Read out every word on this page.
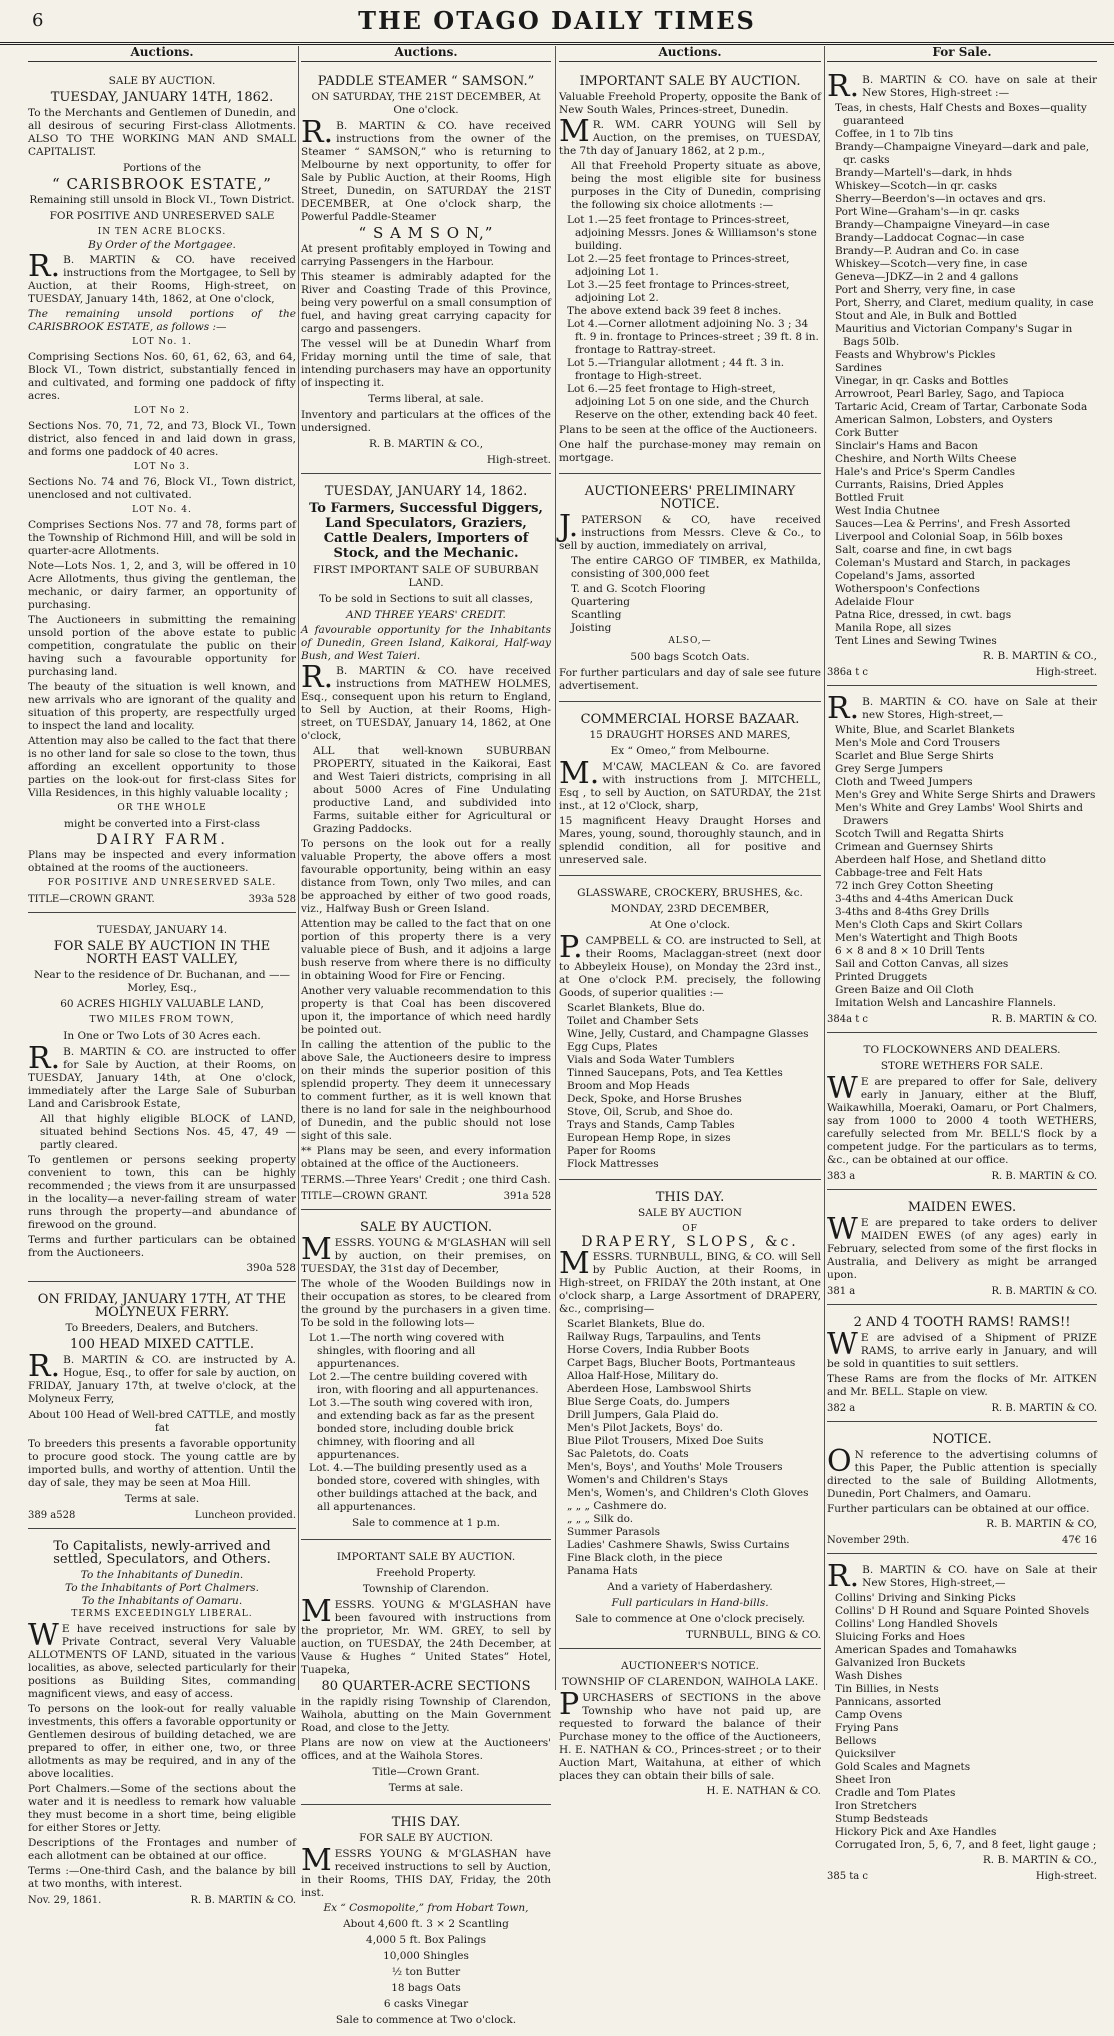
6	THE OTAGO DAILY TIMES
Auctions.
SALE BY AUCTION.
TUESDAY, JANUARY 14TH, 1862.

To the Merchants and Gentlemen of Dunedin, and all desirous of securing First-class Allotments. ALSO TO THE WORKING MAN AND SMALL CAPITALIST.

Portions of the
“ CARISBROOK ESTATE,”
Remaining still unsold in Block VI., Town District.
FOR POSITIVE AND UNRESERVED SALE
IN TEN ACRE BLOCKS.
By Order of the Mortgagee.

R.B. MARTIN & CO. have received instructions from the Mortgagee, to Sell by Auction, at their Rooms, High-street, on TUESDAY, January 14th, 1862, at One o'clock,

The remaining unsold portions of the CARISBROOK ESTATE, as follows :—

LOT No. 1.

Comprising Sections Nos. 60, 61, 62, 63, and 64, Block VI., Town district, substantially fenced in and cultivated, and forming one paddock of fifty acres.

LOT No 2.

Sections Nos. 70, 71, 72, and 73, Block VI., Town district, also fenced in and laid down in grass, and forms one paddock of 40 acres.

LOT No 3.

Sections No. 74 and 76, Block VI., Town district, unenclosed and not cultivated.

LOT No. 4.

Comprises Sections Nos. 77 and 78, forms part of the Township of Richmond Hill, and will be sold in quarter-acre Allotments.

Note—Lots Nos. 1, 2, and 3, will be offered in 10 Acre Allotments, thus giving the gentleman, the mechanic, or dairy farmer, an opportunity of purchasing.

The Auctioneers in submitting the remaining unsold portion of the above estate to public competition, congratulate the public on their having such a favourable opportunity for purchasing land.

The beauty of the situation is well known, and new arrivals who are ignorant of the quality and situation of this property, are respectfully urged to inspect the land and locality.

Attention may also be called to the fact that there is no other land for sale so close to the town, thus affording an excellent opportunity to those parties on the look-out for first-class Sites for Villa Residences, in this highly valuable locality ;

OR THE WHOLE
might be converted into a First-class
DAIRY FARM.

Plans may be inspected and every information obtained at the rooms of the auctioneers.

FOR POSITIVE AND UNRESERVED SALE.
TITLE—CROWN GRANT.	393a 528
TUESDAY, JANUARY 14.
FOR SALE BY AUCTION IN THE NORTH EAST VALLEY,
Near to the residence of Dr. Buchanan, and —— Morley, Esq.,
60 ACRES HIGHLY VALUABLE LAND,
TWO MILES FROM TOWN,
In One or Two Lots of 30 Acres each.

R.B. MARTIN & CO. are instructed to offer for Sale by Auction, at their Rooms, on TUESDAY, January 14th, at One o'clock, immediately after the Large Sale of Suburban Land and Carisbrook Estate,

All that highly eligible BLOCK of LAND, situated behind Sections Nos. 45, 47, 49 —partly cleared.

To gentlemen or persons seeking property convenient to town, this can be highly recommended ; the views from it are unsurpassed in the locality—a never-failing stream of water runs through the property—and abundance of firewood on the ground.

Terms and further particulars can be obtained from the Auctioneers.

390a 528
ON FRIDAY, JANUARY 17TH, AT THE MOLYNEUX FERRY.
To Breeders, Dealers, and Butchers.
100 HEAD MIXED CATTLE.

R.B. MARTIN & CO. are instructed by A. Hogue, Esq., to offer for sale by auction, on FRIDAY, January 17th, at twelve o'clock, at the Molyneux Ferry,

About 100 Head of Well-bred CATTLE, and mostly fat

To breeders this presents a favorable opportunity to procure good stock. The young cattle are by imported bulls, and worthy of attention. Until the day of sale, they may be seen at Moa Hill.

Terms at sale.
389 a528	Luncheon provided.
To Capitalists, newly-arrived and settled, Speculators, and Others.
To the Inhabitants of Dunedin.
To the Inhabitants of Port Chalmers.
To the Inhabitants of Oamaru.
TERMS EXCEEDINGLY LIBERAL.

WE have received instructions for sale by Private Contract, several Very Valuable ALLOTMENTS OF LAND, situated in the various localities, as above, selected particularly for their positions as Building Sites, commanding magnificent views, and easy of access.

To persons on the look-out for really valuable investments, this offers a favorable opportunity or Gentlemen desirous of building detached, we are prepared to offer, in either one, two, or three allotments as may be required, and in any of the above localities.

Port Chalmers.—Some of the sections about the water and it is needless to remark how valuable they must become in a short time, being eligible for either Stores or Jetty.

Descriptions of the Frontages and number of each allotment can be obtained at our office.

Terms :—One-third Cash, and the balance by bill at two months, with interest.

Nov. 29, 1861.	R. B. MARTIN & CO.
Auctions.
PADDLE STEAMER “ SAMSON.”
ON SATURDAY, THE 21ST DECEMBER, At One o'clock.

R.B. MARTIN & CO. have received instructions from the owner of the Steamer “ SAMSON,” who is returning to Melbourne by next opportunity, to offer for Sale by Public Auction, at their Rooms, High Street, Dunedin, on SATURDAY the 21ST DECEMBER, at One o'clock sharp, the Powerful Paddle-Steamer

“ S A M S O N,”

At present profitably employed in Towing and carrying Passengers in the Harbour.

This steamer is admirably adapted for the River and Coasting Trade of this Province, being very powerful on a small consumption of fuel, and having great carrying capacity for cargo and passengers.

The vessel will be at Dunedin Wharf from Friday morning until the time of sale, that intending purchasers may have an opportunity of inspecting it.

Terms liberal, at sale.

Inventory and particulars at the offices of the undersigned.

R. B. MARTIN & CO.,
High-street.
TUESDAY, JANUARY 14, 1862.
To Farmers, Successful Diggers, Land Speculators, Graziers, Cattle Dealers, Importers of Stock, and the Mechanic.
FIRST IMPORTANT SALE OF SUBURBAN LAND.
To be sold in Sections to suit all classes,
AND THREE YEARS' CREDIT.

A favourable opportunity for the Inhabitants of Dunedin, Green Island, Kaikorai, Half-way Bush, and West Taieri.

R.B. MARTIN & CO. have received instructions from MATHEW HOLMES, Esq., consequent upon his return to England, to Sell by Auction, at their Rooms, High-street, on TUESDAY, January 14, 1862, at One o'clock,

ALL that well-known SUBURBAN PROPERTY, situated in the Kaikorai, East and West Taieri districts, comprising in all about 5000 Acres of Fine Undulating productive Land, and subdivided into Farms, suitable either for Agricultural or Grazing Paddocks.

To persons on the look out for a really valuable Property, the above offers a most favourable opportunity, being within an easy distance from Town, only Two miles, and can be approached by either of two good roads, viz., Halfway Bush or Green Island.

Attention may be called to the fact that on one portion of this property there is a very valuable piece of Bush, and it adjoins a large bush reserve from where there is no difficulty in obtaining Wood for Fire or Fencing.

Another very valuable recommendation to this property is that Coal has been discovered upon it, the importance of which need hardly be pointed out.

In calling the attention of the public to the above Sale, the Auctioneers desire to impress on their minds the superior position of this splendid property. They deem it unnecessary to comment further, as it is well known that there is no land for sale in the neighbourhood of Dunedin, and the public should not lose sight of this sale.

** Plans may be seen, and every information obtained at the office of the Auctioneers.

TERMS.—Three Years' Credit ; one third Cash.
TITLE—CROWN GRANT.	391a 528
SALE BY AUCTION.

MESSRS. YOUNG & M'GLASHAN will sell by auction, on their premises, on TUESDAY, the 31st day of December,

The whole of the Wooden Buildings now in their occupation as stores, to be cleared from the ground by the purchasers in a given time. To be sold in the following lots—

Lot 1.—The north wing covered with shingles, with flooring and all appurtenances.
Lot 2.—The centre building covered with iron, with flooring and all appurtenances.
Lot 3.—The south wing covered with iron, and extending back as far as the present bonded store, including double brick chimney, with flooring and all appurtenances.
Lot. 4.—The building presently used as a bonded store, covered with shingles, with other buildings attached at the back, and all appurtenances.
Sale to commence at 1 p.m.
IMPORTANT SALE BY AUCTION.
Freehold Property.
Township of Clarendon.

MESSRS. YOUNG & M'GLASHAN have been favoured with instructions from the proprietor, Mr. WM. GREY, to sell by auction, on TUESDAY, the 24th December, at Vause & Hughes “ United States” Hotel, Tuapeka,

80 QUARTER-ACRE SECTIONS

in the rapidly rising Township of Clarendon, Waihola, abutting on the Main Government Road, and close to the Jetty.

Plans are now on view at the Auctioneers' offices, and at the Waihola Stores.

Title—Crown Grant.
Terms at sale.
THIS DAY.
FOR SALE BY AUCTION.

MESSRS YOUNG & M'GLASHAN have received instructions to sell by Auction, in their Rooms, THIS DAY, Friday, the 20th inst.

Ex “ Cosmopolite,” from Hobart Town,
About 4,600 ft. 3 × 2 Scantling
4,000 5 ft. Box Palings
10,000 Shingles
½ ton Butter
18 bags Oats
6 casks Vinegar
Sale to commence at Two o'clock.
Auctions.
IMPORTANT SALE BY AUCTION.

Valuable Freehold Property, opposite the Bank of New South Wales, Princes-street, Dunedin.

MR. WM. CARR YOUNG will Sell by Auction, on the premises, on TUESDAY, the 7th day of January 1862, at 2 p.m.,

All that Freehold Property situate as above, being the most eligible site for business purposes in the City of Dunedin, comprising the following six choice allotments :—

Lot 1.—25 feet frontage to Princes-street, adjoining Messrs. Jones & Williamson's stone building.
Lot 2.—25 feet frontage to Princes-street, adjoining Lot 1.
Lot 3.—25 feet frontage to Princes-street, adjoining Lot 2.
The above extend back 39 feet 8 inches.
Lot 4.—Corner allotment adjoining No. 3 ; 34 ft. 9 in. frontage to Princes-street ; 39 ft. 8 in. frontage to Rattray-street.
Lot 5.—Triangular allotment ; 44 ft. 3 in. frontage to High-street.
Lot 6.—25 feet frontage to High-street, adjoining Lot 5 on one side, and the Church Reserve on the other, extending back 40 feet.

Plans to be seen at the office of the Auctioneers.

One half the purchase-money may remain on mortgage.

AUCTIONEERS' PRELIMINARY NOTICE.

J.PATERSON & CO, have received instructions from Messrs. Cleve & Co., to sell by auction, immediately on arrival,

The entire CARGO OF TIMBER, ex Mathilda, consisting of 300,000 feet

T. and G. Scotch Flooring
Quartering
Scantling
Joisting
ALSO,—
500 bags Scotch Oats.

For further particulars and day of sale see future advertisement.

COMMERCIAL HORSE BAZAAR.
15 DRAUGHT HORSES AND MARES,
Ex “ Omeo,” from Melbourne.

M.M'CAW, MACLEAN & Co. are favored with instructions from J. MITCHELL, Esq , to sell by Auction, on SATURDAY, the 21st inst., at 12 o'Clock, sharp,

15 magnificent Heavy Draught Horses and Mares, young, sound, thoroughly staunch, and in splendid condition, all for positive and unreserved sale.

GLASSWARE, CROCKERY, BRUSHES, &c.
MONDAY, 23RD DECEMBER,
At One o'clock.

P.CAMPBELL & CO. are instructed to Sell, at their Rooms, Maclaggan-street (next door to Abbeyleix House), on Monday the 23rd inst., at One o'clock P.M. precisely, the following Goods, of superior qualities :—

Scarlet Blankets, Blue do.
Toilet and Chamber Sets
Wine, Jelly, Custard, and Champagne Glasses
Egg Cups, Plates
Vials and Soda Water Tumblers
Tinned Saucepans, Pots, and Tea Kettles
Broom and Mop Heads
Deck, Spoke, and Horse Brushes
Stove, Oil, Scrub, and Shoe do.
Trays and Stands, Camp Tables
European Hemp Rope, in sizes
Paper for Rooms
Flock Mattresses
THIS DAY.
SALE BY AUCTION
OF
DRAPERY, SLOPS, &c.

MESSRS. TURNBULL, BING, & CO. will Sell by Public Auction, at their Rooms, in High-street, on FRIDAY the 20th instant, at One o'clock sharp, a Large Assortment of DRAPERY, &c., comprising—

Scarlet Blankets, Blue do.
Railway Rugs, Tarpaulins, and Tents
Horse Covers, India Rubber Boots
Carpet Bags, Blucher Boots, Portmanteaus
Alloa Half-Hose, Military do.
Aberdeen Hose, Lambswool Shirts
Blue Serge Coats, do. Jumpers
Drill Jumpers, Gala Plaid do.
Men's Pilot Jackets, Boys' do.
Blue Pilot Trousers, Mixed Doe Suits
Sac Paletots, do. Coats
Men's, Boys', and Youths' Mole Trousers
Women's and Children's Stays
Men's, Women's, and Children's Cloth Gloves
„ „ „ Cashmere do.
„ „ „ Silk do.
Summer Parasols
Ladies' Cashmere Shawls, Swiss Curtains
Fine Black cloth, in the piece
Panama Hats
And a variety of Haberdashery.
Full particulars in Hand-bills.
Sale to commence at One o'clock precisely.
TURNBULL, BING & CO.
AUCTIONEER'S NOTICE.
TOWNSHIP OF CLARENDON, WAIHOLA LAKE.

PURCHASERS of SECTIONS in the above Township who have not paid up, are requested to forward the balance of their Purchase money to the office of the Auctioneers, H. E. NATHAN & CO., Princes-street ; or to their Auction Mart, Waitahuna, at either of which places they can obtain their bills of sale.

H. E. NATHAN & CO.
For Sale.

R.B. MARTIN & CO. have on sale at their New Stores, High-street :—

Teas, in chests, Half Chests and Boxes—quality guaranteed
Coffee, in 1 to 7lb tins
Brandy—Champaigne Vineyard—dark and pale, qr. casks
Brandy—Martell's—dark, in hhds
Whiskey—Scotch—in qr. casks
Sherry—Beerdon's—in octaves and qrs.
Port Wine—Graham's—in qr. casks
Brandy—Champaigne Vineyard—in case
Brandy—Laddocat Cognac—in case
Brandy—P. Audran and Co. in case
Whiskey—Scotch—very fine, in case
Geneva—JDKZ—in 2 and 4 gallons
Port and Sherry, very fine, in case
Port, Sherry, and Claret, medium quality, in case
Stout and Ale, in Bulk and Bottled
Mauritius and Victorian Company's Sugar in Bags 50lb.
Feasts and Whybrow's Pickles
Sardines
Vinegar, in qr. Casks and Bottles
Arrowroot, Pearl Barley, Sago, and Tapioca
Tartaric Acid, Cream of Tartar, Carbonate Soda
American Salmon, Lobsters, and Oysters
Cork Butter
Sinclair's Hams and Bacon
Cheshire, and North Wilts Cheese
Hale's and Price's Sperm Candles
Currants, Raisins, Dried Apples
Bottled Fruit
West India Chutnee
Sauces—Lea & Perrins', and Fresh Assorted
Liverpool and Colonial Soap, in 56lb boxes
Salt, coarse and fine, in cwt bags
Coleman's Mustard and Starch, in packages
Copeland's Jams, assorted
Wotherspoon's Confections
Adelaide Flour
Patna Rice, dressed, in cwt. bags
Manila Rope, all sizes
Tent Lines and Sewing Twines
R. B. MARTIN & CO.,
386a t c	High-street.

R.B. MARTIN & CO. have on Sale at their new Stores, High-street,—

White, Blue, and Scarlet Blankets
Men's Mole and Cord Trousers
Scarlet and Blue Serge Shirts
Grey Serge Jumpers
Cloth and Tweed Jumpers
Men's Grey and White Serge Shirts and Drawers
Men's White and Grey Lambs' Wool Shirts and Drawers
Scotch Twill and Regatta Shirts
Crimean and Guernsey Shirts
Aberdeen half Hose, and Shetland ditto
Cabbage-tree and Felt Hats
72 inch Grey Cotton Sheeting
3-4ths and 4-4ths American Duck
3-4ths and 8-4ths Grey Drills
Men's Cloth Caps and Skirt Collars
Men's Watertight and Thigh Boots
6 × 8 and 8 × 10 Drill Tents
Sail and Cotton Canvas, all sizes
Printed Druggets
Green Baize and Oil Cloth
Imitation Welsh and Lancashire Flannels.
384a t c	R. B. MARTIN & CO.
TO FLOCKOWNERS AND DEALERS.
STORE WETHERS FOR SALE.

WE are prepared to offer for Sale, delivery early in January, either at the Bluff, Waikawhilla, Moeraki, Oamaru, or Port Chalmers, say from 1000 to 2000 4 tooth WETHERS, carefully selected from Mr. BELL'S flock by a competent judge. For the particulars as to terms, &c., can be obtained at our office.

383 a	R. B. MARTIN & CO.
MAIDEN EWES.

WE are prepared to take orders to deliver MAIDEN EWES (of any ages) early in February, selected from some of the first flocks in Australia, and Delivery as might be arranged upon.

381 a	R. B. MARTIN & CO.
2 AND 4 TOOTH RAMS! RAMS!!

WE are advised of a Shipment of PRIZE RAMS, to arrive early in January, and will be sold in quantities to suit settlers.

These Rams are from the flocks of Mr. AITKEN and Mr. BELL. Staple on view.

382 a	R. B. MARTIN & CO.
NOTICE.

ON reference to the advertising columns of this Paper, the Public attention is specially directed to the sale of Building Allotments, Dunedin, Port Chalmers, and Oamaru.

Further particulars can be obtained at our office.

R. B. MARTIN & CO,
November 29th.	47€ 16

R.B. MARTIN & CO. have on Sale at their New Stores, High-street,—

Collins' Driving and Sinking Picks
Collins' D H Round and Square Pointed Shovels
Collins' Long Handled Shovels
Sluicing Forks and Hoes
American Spades and Tomahawks
Galvanized Iron Buckets
Wash Dishes
Tin Billies, in Nests
Pannicans, assorted
Camp Ovens
Frying Pans
Bellows
Quicksilver
Gold Scales and Magnets
Sheet Iron
Cradle and Tom Plates
Iron Stretchers
Stump Bedsteads
Hickory Pick and Axe Handles
Corrugated Iron, 5, 6, 7, and 8 feet, light gauge ;
R. B. MARTIN & CO.,
385 ta c	High-street.
